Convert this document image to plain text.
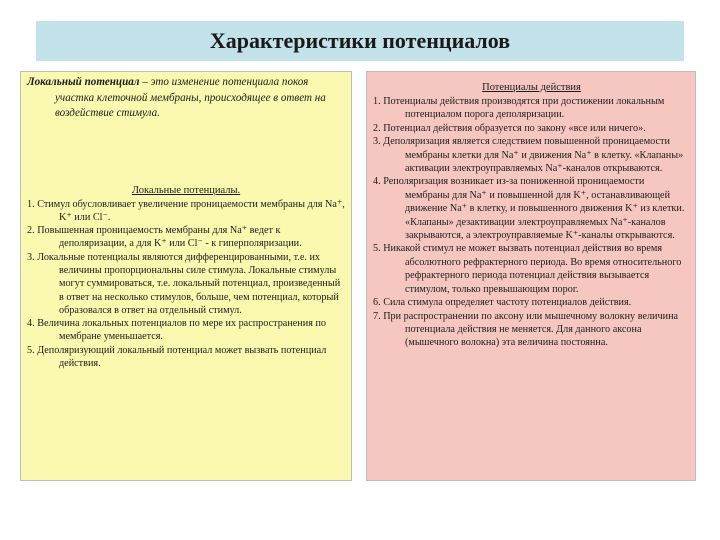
Характеристики потенциалов

Локальный потенциал – это изменение потенциала покоя участка клеточной мембраны, происходящее в ответ на воздействие стимула.

Локальные потенциалы.

1. Стимул обусловливает увеличение проницаемости мембраны для Na⁺, K⁺ или Cl⁻.
2. Повышенная проницаемость мембраны для Na⁺ ведет к деполяризации, а для K⁺ или Cl⁻ - к гиперполяризации.
3. Локальные потенциалы являются дифференцированными, т.е. их величины пропорциональны силе стимула. Локальные стимулы могут суммироваться, т.е. локальный потенциал, произведенный в ответ на несколько стимулов, больше, чем потенциал, который образовался в ответ на отдельный стимул.
4. Величина локальных потенциалов по мере их распространения по мембране уменьшается.
5. Деполяризующий локальный потенциал может вызвать потенциал действия.

Потенциалы действия

1. Потенциалы действия производятся при достижении локальным потенциалом порога деполяризации.
2. Потенциал действия образуется по закону «все или ничего».
3. Деполяризация является следствием повышенной проницаемости мембраны клетки для Na⁺ и движения Na⁺ в клетку. «Клапаны» активации электроуправляемых Na⁺-каналов открываются.
4. Реполяризация возникает из-за пониженной проницаемости мембраны для Na⁺ и повышенной для K⁺, останавливающей движение Na⁺ в клетку, и повышенного движения K⁺ из клетки. «Клапаны» дезактивации электроуправляемых Na⁺-каналов закрываются, а электроуправляемые K⁺-каналы открываются.
5. Никакой стимул не может вызвать потенциал действия во время абсолютного рефрактерного периода. Во время относительного рефрактерного периода потенциал действия вызывается стимулом, только превышающим порог.
6. Сила стимула определяет частоту потенциалов действия.
7. При распространении по аксону или мышечному волокну величина потенциала действия не меняется. Для данного аксона (мышечного волокна) эта величина постоянна.
